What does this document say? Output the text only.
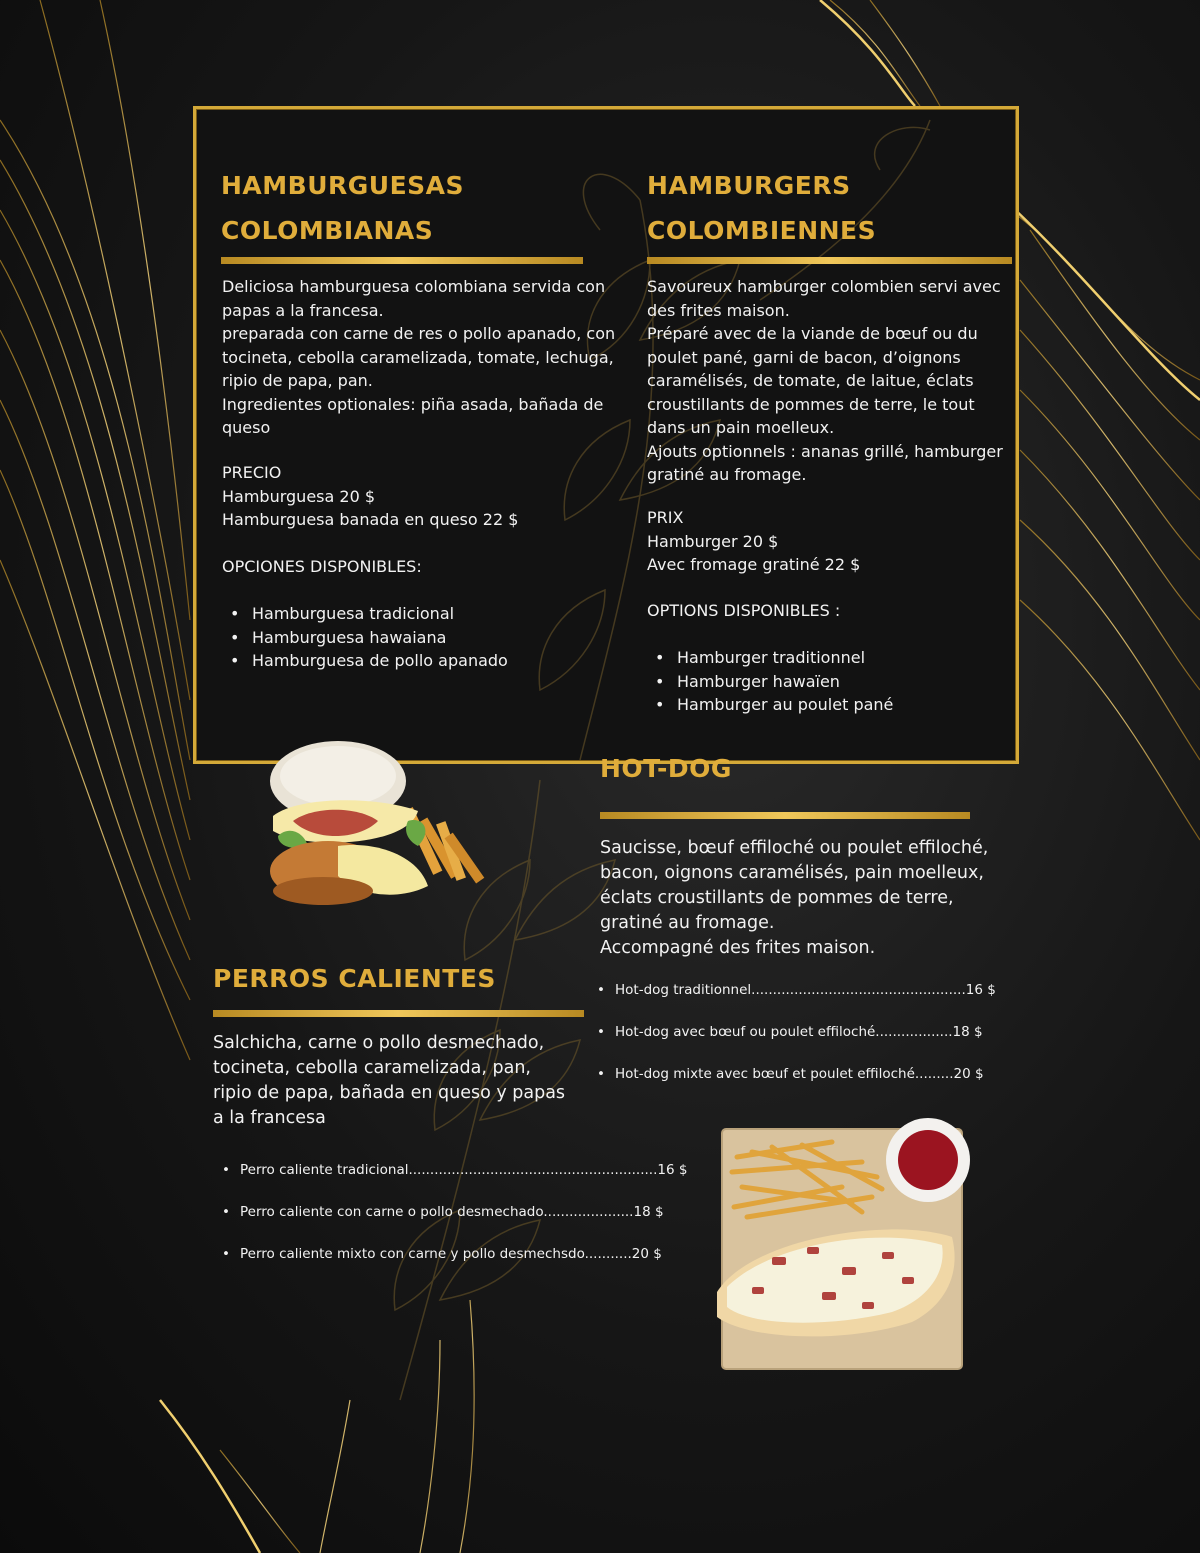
HAMBURGUESAS
COLOMBIANAS

Deliciosa hamburguesa colombiana servida con papas a la francesa.

preparada con carne de res o pollo apanado, con tocineta, cebolla caramelizada, tomate, lechuga, ripio de papa, pan.

Ingredientes optionales: piña asada, bañada de queso

PRECIO

Hamburguesa 20 $

Hamburguesa banada en queso 22 $

OPCIONES DISPONIBLES:

• Hamburguesa tradicional
• Hamburguesa hawaiana
• Hamburguesa de pollo apanado
HAMBURGERS
COLOMBIENNES

Savoureux hamburger colombien servi avec des frites maison.

Préparé avec de la viande de bœuf ou du poulet pané, garni de bacon, d’oignons caramélisés, de tomate, de laitue, éclats croustillants de pommes de terre, le tout dans un pain moelleux.

Ajouts optionnels : ananas grillé, hamburger gratiné au fromage.

PRIX

Hamburger 20 $

Avec fromage gratiné 22 $

OPTIONS DISPONIBLES :

• Hamburger traditionnel
• Hamburger hawaïen
• Hamburger au poulet pané
HOT-DOG

Saucisse, bœuf effiloché ou poulet effiloché, bacon, oignons caramélisés, pain moelleux, éclats croustillants de pommes de terre, gratiné au fromage.

Accompagné des frites maison.

• Hot-dog traditionnel..................................................16 $
• Hot-dog avec bœuf ou poulet effiloché..................18 $
• Hot-dog mixte avec bœuf et poulet effiloché.........20 $
PERROS CALIENTES

Salchicha, carne o pollo desmechado, tocineta, cebolla caramelizada, pan, ripio de papa, bañada en queso y papas a la francesa

• Perro caliente tradicional..........................................................16 $
• Perro caliente con carne o pollo desmechado.....................18 $
• Perro caliente mixto con carne y pollo desmechsdo...........20 $
